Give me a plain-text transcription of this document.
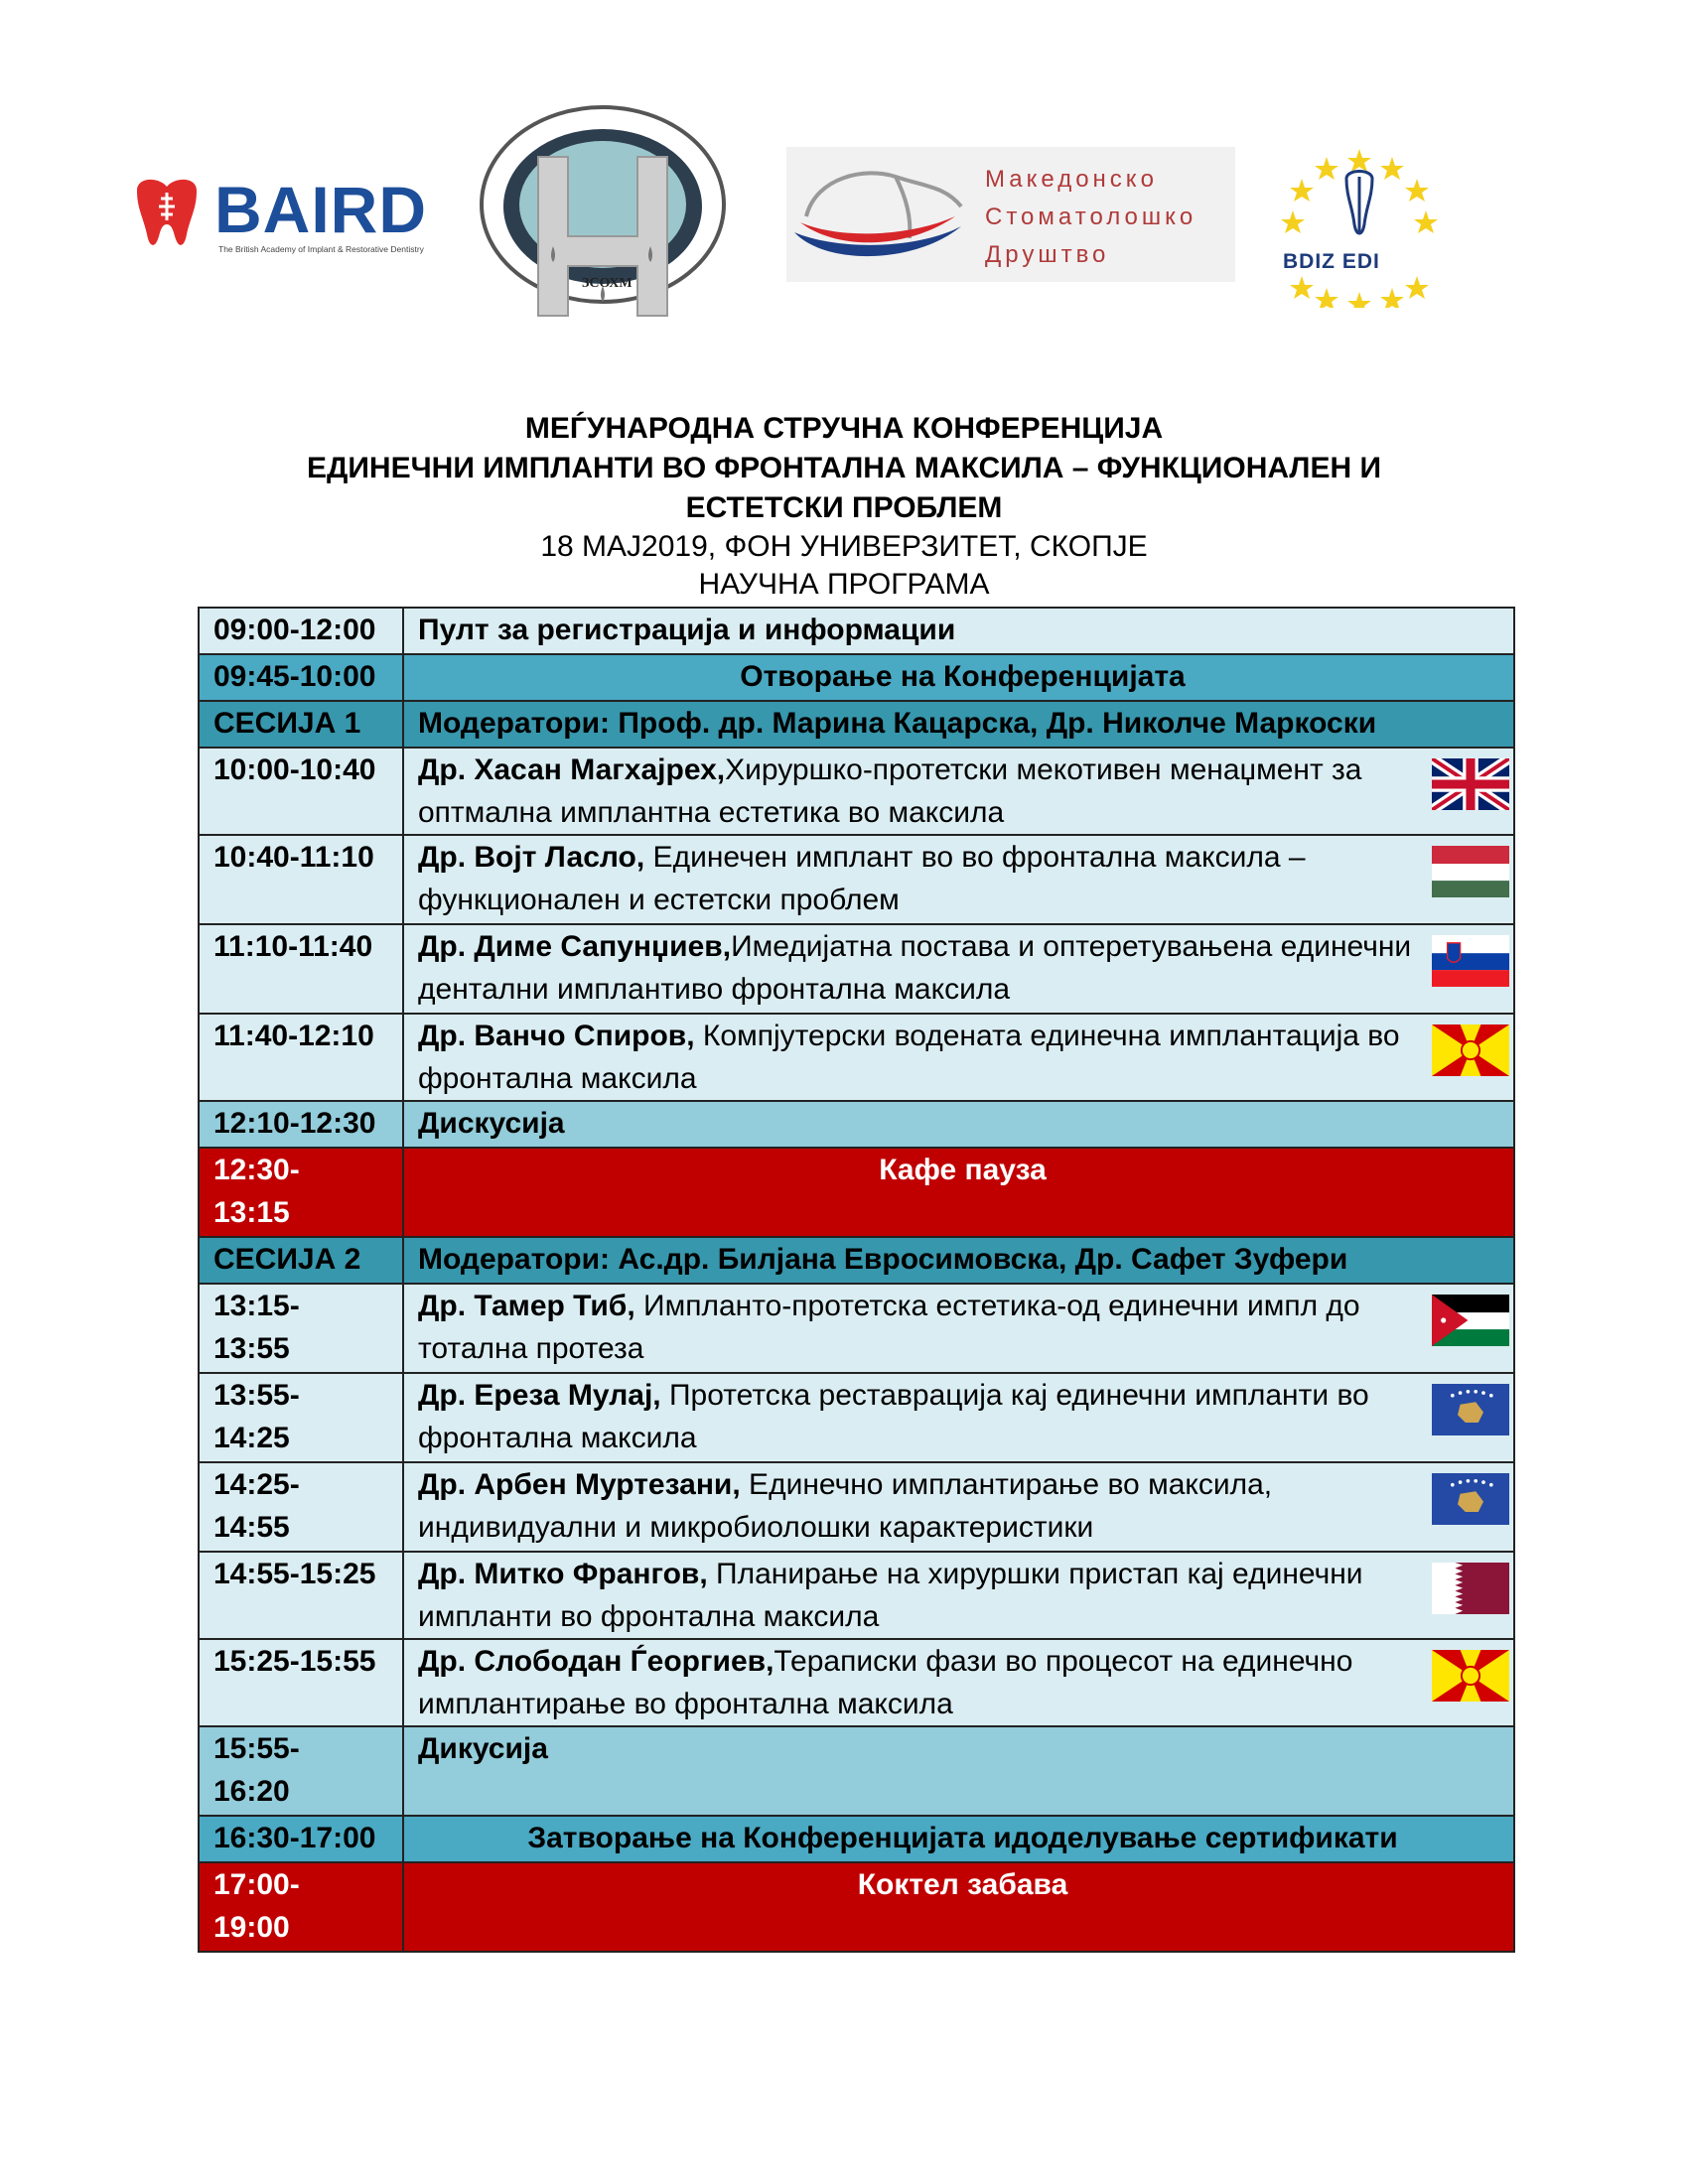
BAIRD
The British Academy of Implant & Restorative Dentistry
ЗСОХМ
Македонско
Стоматолошко
Друштво	BDIZ EDI
МЕЃУНАРОДНА СТРУЧНА КОНФЕРЕНЦИЈА
ЕДИНЕЧНИ ИМПЛАНТИ ВО ФРОНТАЛНА МАКСИЛА – ФУНКЦИОНАЛЕН И
ЕСТЕТСКИ ПРОБЛЕМ
18 МАЈ2019, ФОН УНИВЕРЗИТЕТ, СКОПЈЕ
НАУЧНА ПРОГРАМА
09:00-12:00	Пулт за регистрација и информации
09:45-10:00	Отворање на Конференцијата
СЕСИЈА 1	Модератори: Проф. др. Марина Кацарска, Др. Николче Маркоски
10:00-10:40	Др. Хасан Магхајрех,Хируршко-протетски мекотивен менаџмент за оптмална имплантна естетика во максила

10:40-11:10	Др. Војт Ласло, Единечен имплант во во фронтална максила – функционален и естетски проблем

11:10-11:40	Др. Диме Сапунџиев,Имедијатна постава и оптеретувањена единечни дентални имплантиво фронтална максила

11:40-12:10	Др. Ванчо Спиров, Компјутерски водената единечна имплантација во фронтална максила

12:10-12:30	Дискусија

12:30-
13:15	Кафе пауза
СЕСИЈА 2	Модератори: Ас.др. Билјана Евросимовска, Др. Сафет Зуфери

13:15-
13:55	Др. Тамер Тиб, Импланто-протетска естетика-од единечни импл до тотална протеза

13:55-
14:25	Др. Ереза Мулај, Протетска реставрација кај единечни импланти во фронтална максила

14:25-
14:55	Др. Арбен Муртезани, Единечно имплантирање во максила, индивидуални и микробиолошки карактеристики

14:55-15:25	Др. Митко Франгов, Планирање на хируршки пристап кај единечни импланти во фронтална максила

15:25-15:55	Др. Слободан Ѓеоргиев,Тераписки фази во процесот на единечно имплантирање во фронтална максила

15:55-
16:20	Дикусија
16:30-17:00	Затворање на Конференцијата идоделување сертификати

17:00-
19:00	Коктел забава
